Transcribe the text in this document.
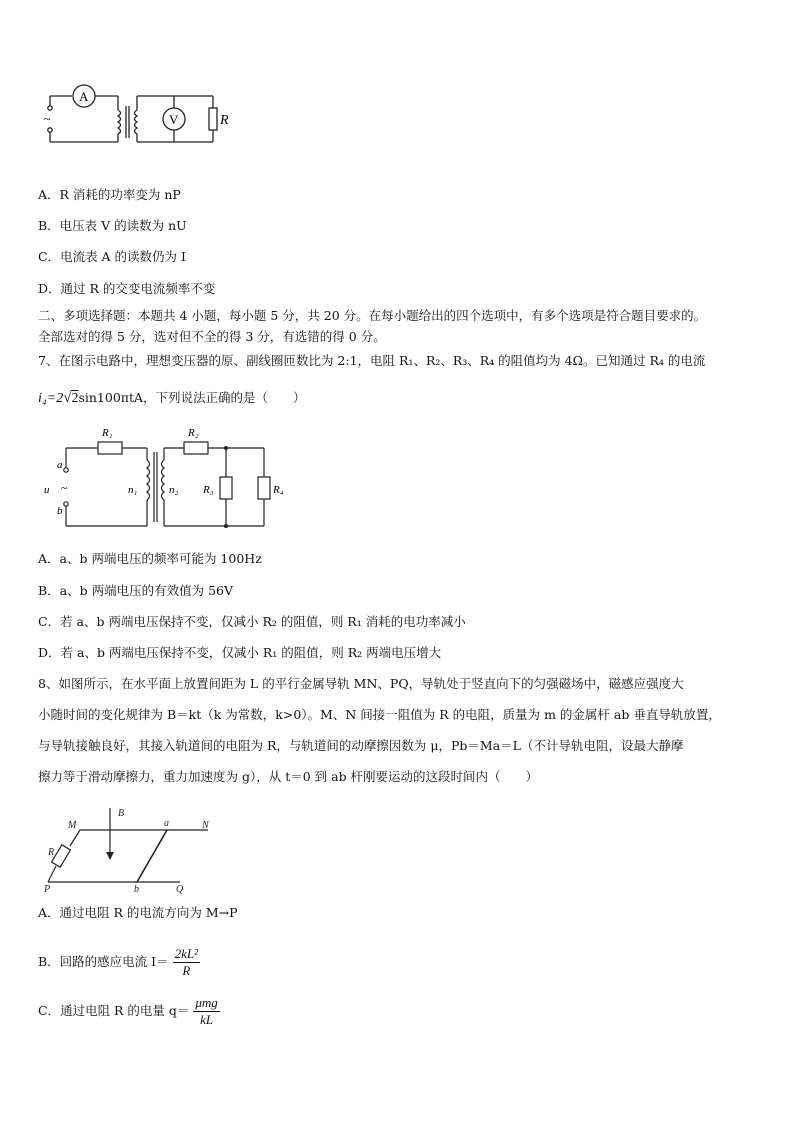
A
V	R
~
A．R 消耗的功率变为 nP
B．电压表 V 的读数为 nU
C．电流表 A 的读数仍为 I
D．通过 R 的交变电流频率不变
二、多项选择题：本题共 4 小题，每小题 5 分，共 20 分。在每小题给出的四个选项中，有多个选项是符合题目要求的。
全部选对的得 5 分，选对但不全的得 3 分，有选错的得 0 分。
7、在图示电路中，理想变压器的原、副线圈匝数比为 2:1，电阻 R₁、R₂、R₃、R₄ 的阻值均为 4Ω。已知通过 R₄ 的电流
i₄=2√2sin100πtA，下列说法正确的是（　　）
R₁	R₂
R₃	R₄
n₁	n₂
a
b
u ~
A．a、b 两端电压的频率可能为 100Hz
B．a、b 两端电压的有效值为 56V
C．若 a、b 两端电压保持不变，仅减小 R₂ 的阻值，则 R₁ 消耗的电功率减小
D．若 a、b 两端电压保持不变，仅减小 R₁ 的阻值，则 R₂ 两端电压增大
8、如图所示，在水平面上放置间距为 L 的平行金属导轨 MN、PQ，导轨处于竖直向下的匀强磁场中，磁感应强度大
小随时间的变化规律为 B＝kt（k 为常数，k>0）。M、N 间接一阻值为 R 的电阻，质量为 m 的金属杆 ab 垂直导轨放置，
与导轨接触良好，其接入轨道间的电阻为 R，与轨道间的动摩擦因数为 μ，Pb＝Ma＝L（不计导轨电阻，设最大静摩
擦力等于滑动摩擦力，重力加速度为 g），从 t＝0 到 ab 杆刚要运动的这段时间内（　　）
B
M	N
P	Q
a
b
R
A．通过电阻 R 的电流方向为 M→P
B．回路的感应电流 $I= \frac{\text{2kL²}}{R}$
C．通过电阻 R 的电量 $q= \frac{\text{μmg}}{kL}$
